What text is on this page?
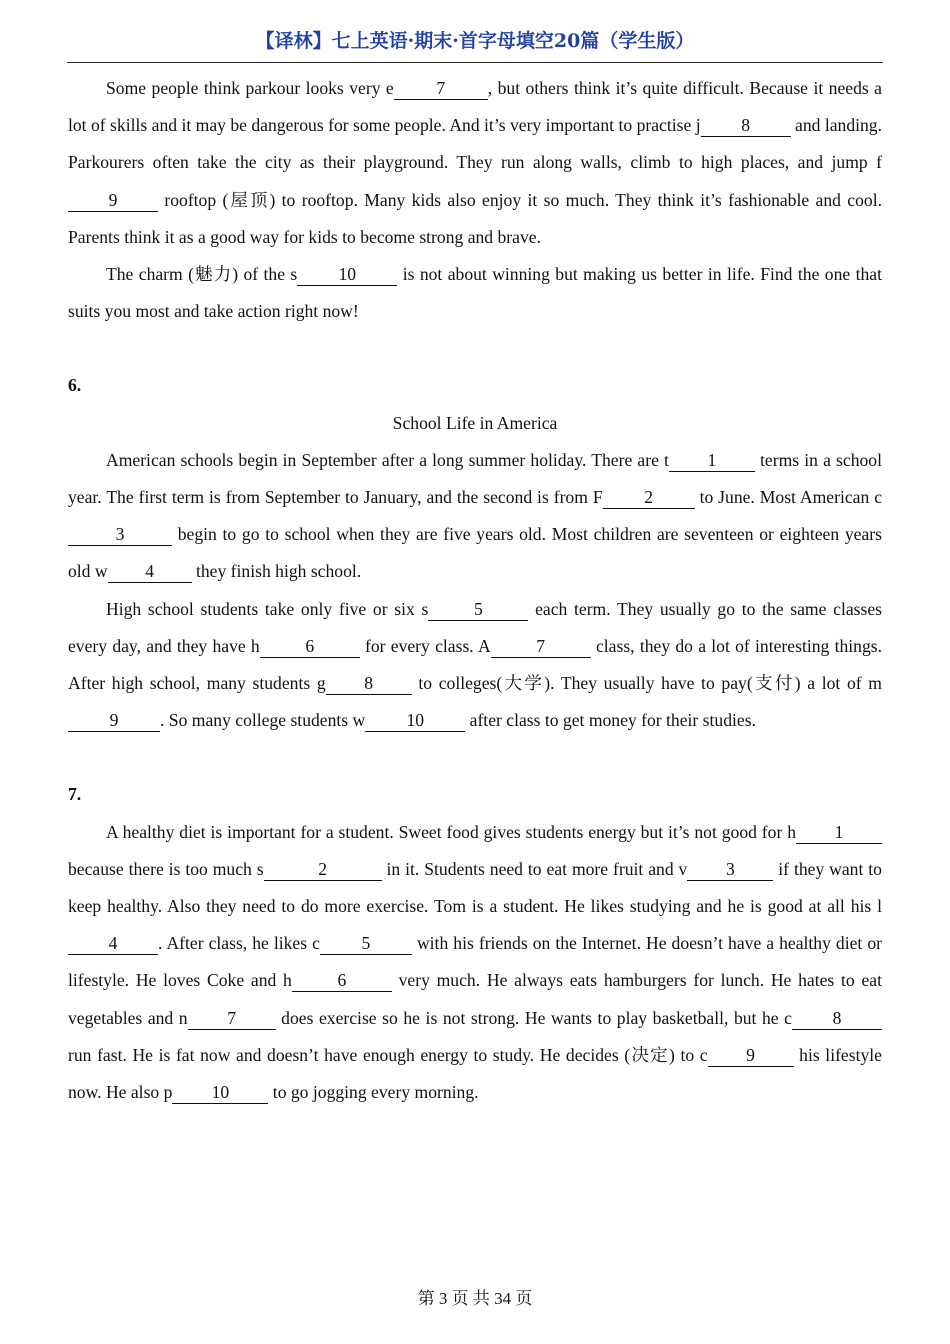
【译林】七上英语·期末·首字母填空20篇（学生版）

Some people think parkour looks very e 7 , but others think it’s quite difficult. Because it needs a lot of skills and it may be dangerous for some people. And it’s very important to practise j 8 and landing. Parkourers often take the city as their playground. They run along walls, climb to high places, and jump f9 rooftop (屋顶) to rooftop. Many kids also enjoy it so much. They think it’s fashionable and cool. Parents think it as a good way for kids to become strong and brave.

The charm (魅力) of the s 10 is not about winning but making us better in life. Find the one that suits you most and take action right now!

6.

School Life in America

American schools begin in September after a long summer holiday. There are t 1 terms in a school year. The first term is from September to January, and the second is from F 2 to June. Most American c3	begin to go to school when they are five years old. Most children are seventeen or eighteen years old w 4 they finish high school.

High school students take only five or six s	5	each term. They usually go to the same classes every day, and they have h	6	for every class. A	7	class, they do a lot of interesting things. After high school, many students g 8 to colleges(大学). They usually have to pay(支付) a lot of m9 . So many college students w 10 after class to get money for their studies.

7.

A healthy diet is important for a student. Sweet food gives students energy but it’s not good for h 1 because there is too much s	2	in it. Students need to eat more fruit and v 3 if they want to keep healthy. Also they need to do more exercise. Tom is a student. He likes studying and he is good at all his l4 . After class, he likes c 5 with his friends on the Internet. He doesn’t have a healthy diet or lifestyle. He loves Coke and h	6	very much. He always eats hamburgers for lunch. He hates to eat vegetables and n 7 does exercise so he is not strong. He wants to play basketball, but he c 8 run fast. He is fat now and doesn’t have enough energy to study. He decides (决定) to c 9 his lifestyle now. He also p 10 to go jogging every morning.

第 3 页 共 34 页
